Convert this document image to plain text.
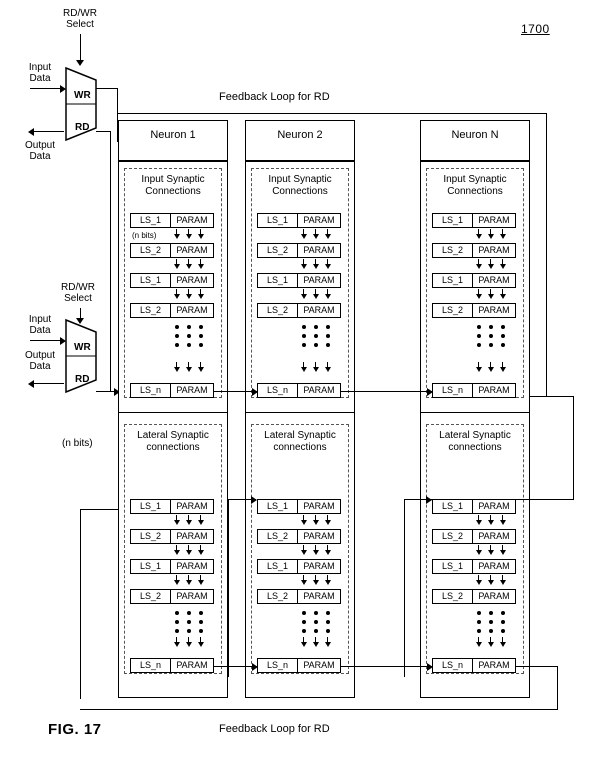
1700
RD/WR
Select
Input
Data
Output
Data
WR
RD
Feedback Loop for RD
RD/WR
Select
Input
Data
Output
Data
WR
RD
(n bits)
Neuron 1
Input Synaptic
Connections
LS_1	PARAM
(n bits)
LS_2	PARAM
LS_1	PARAM
LS_2	PARAM
LS_n	PARAM
Lateral Synaptic
connections
LS_1	PARAM
LS_2	PARAM
LS_1	PARAM
LS_2	PARAM
LS_n	PARAM
Neuron 2
Input Synaptic
Connections
LS_1	PARAM
LS_2	PARAM
LS_1	PARAM
LS_2	PARAM
LS_n	PARAM
Lateral Synaptic
connections
LS_1	PARAM
LS_2	PARAM
LS_1	PARAM
LS_2	PARAM
LS_n	PARAM
Neuron N
Input Synaptic
Connections
LS_1	PARAM
LS_2	PARAM
LS_1	PARAM
LS_2	PARAM
LS_n	PARAM
Lateral Synaptic
connections
LS_1	PARAM
LS_2	PARAM
LS_1	PARAM
LS_2	PARAM
LS_n	PARAM
Feedback Loop for RD
FIG. 17
